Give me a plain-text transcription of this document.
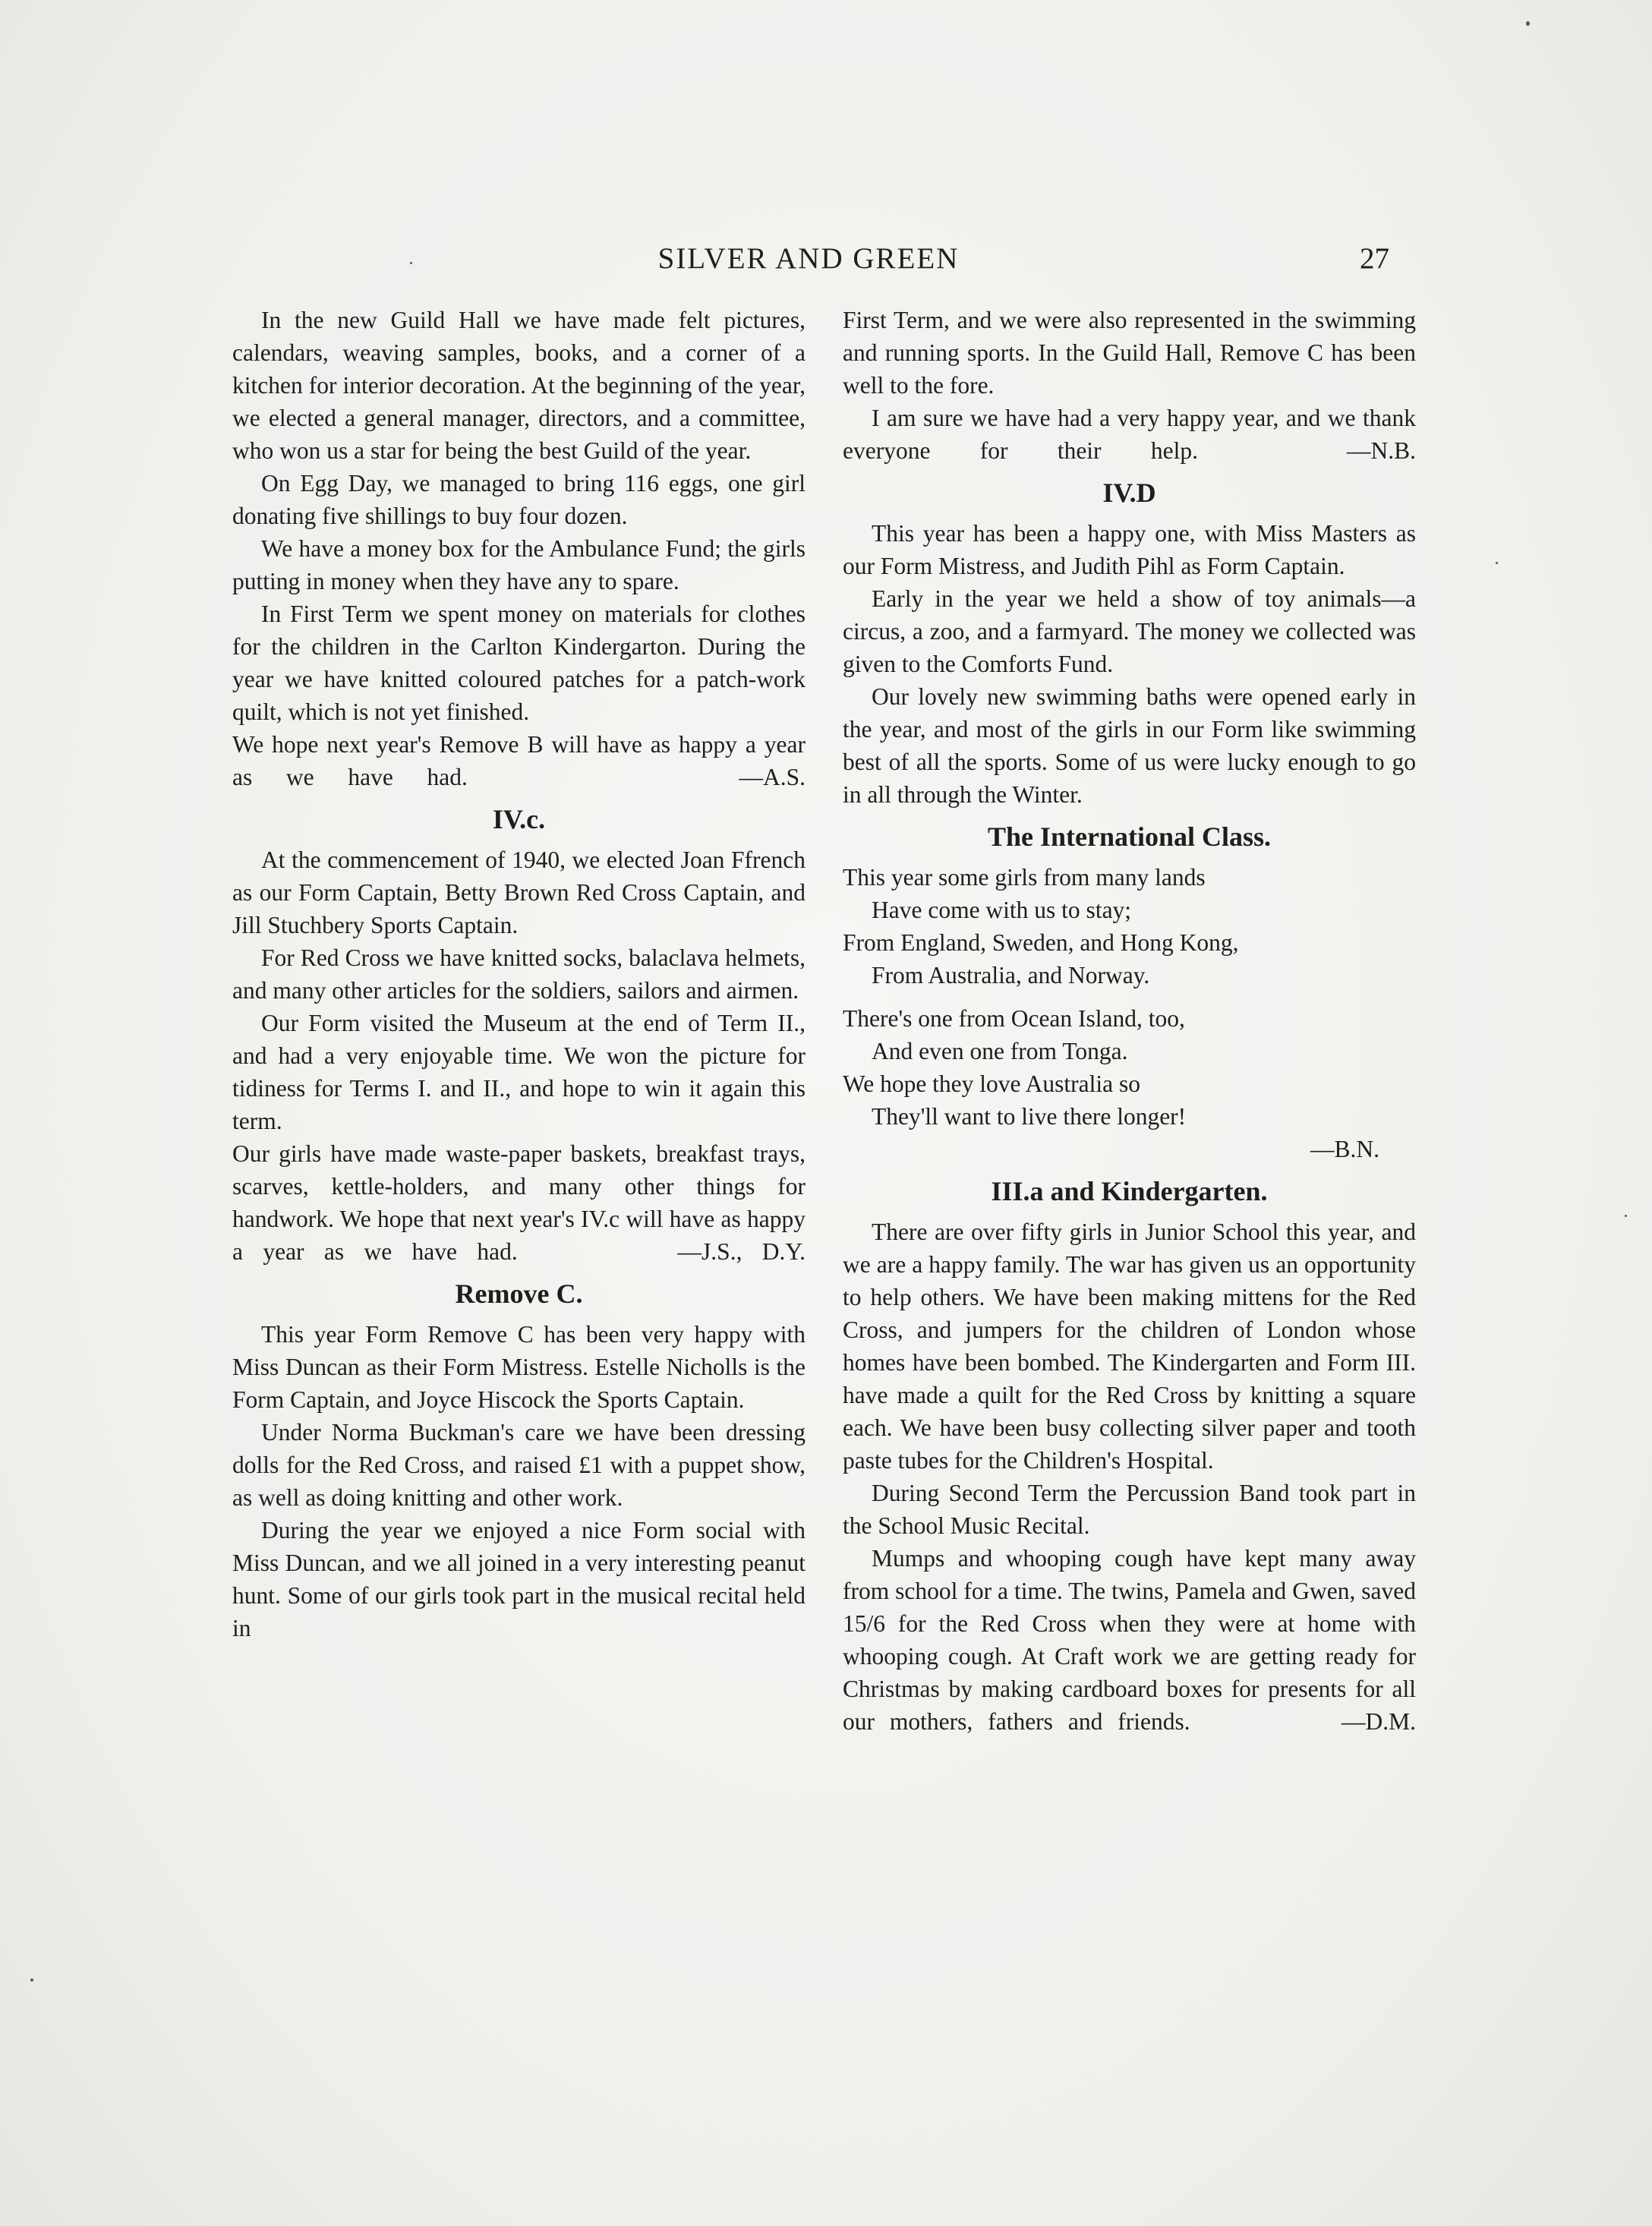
SILVER AND GREEN	27

In the new Guild Hall we have made felt pictures, calendars, weaving samples, books, and a corner of a kitchen for interior decoration. At the beginning of the year, we elected a general manager, directors, and a committee, who won us a star for being the best Guild of the year.

On Egg Day, we managed to bring 116 eggs, one girl donating five shillings to buy four dozen.

We have a money box for the Ambulance Fund; the girls putting in money when they have any to spare.

In First Term we spent money on materials for clothes for the children in the Carlton Kindergarton. During the year we have knitted coloured patches for a patch-work quilt, which is not yet finished.

We hope next year's Remove B will have as happy a year as we have had.	—A.S.

IV.c.

At the commencement of 1940, we elected Joan Ffrench as our Form Captain, Betty Brown Red Cross Captain, and Jill Stuchbery Sports Captain.

For Red Cross we have knitted socks, balaclava helmets, and many other articles for the soldiers, sailors and airmen.

Our Form visited the Museum at the end of Term II., and had a very enjoyable time. We won the picture for tidiness for Terms I. and II., and hope to win it again this term.

Our girls have made waste-paper baskets, breakfast trays, scarves, kettle-holders, and many other things for handwork. We hope that next year's IV.c will have as happy a year as we have had.	—J.S., D.Y.

Remove C.

This year Form Remove C has been very happy with Miss Duncan as their Form Mistress. Estelle Nicholls is the Form Captain, and Joyce Hiscock the Sports Captain.

Under Norma Buckman's care we have been dressing dolls for the Red Cross, and raised £1 with a puppet show, as well as doing knitting and other work.

During the year we enjoyed a nice Form social with Miss Duncan, and we all joined in a very interesting peanut hunt. Some of our girls took part in the musical recital held in

First Term, and we were also represented in the swimming and running sports. In the Guild Hall, Remove C has been well to the fore.

I am sure we have had a very happy year, and we thank everyone for their help.	—N.B.

IV.D

This year has been a happy one, with Miss Masters as our Form Mistress, and Judith Pihl as Form Captain.

Early in the year we held a show of toy animals—a circus, a zoo, and a farmyard. The money we collected was given to the Comforts Fund.

Our lovely new swimming baths were opened early in the year, and most of the girls in our Form like swimming best of all the sports. Some of us were lucky enough to go in all through the Winter.

The International Class.
This year some girls from many lands
Have come with us to stay;
From England, Sweden, and Hong Kong,
From Australia, and Norway.
There's one from Ocean Island, too,
And even one from Tonga.
We hope they love Australia so
They'll want to live there longer!
—B.N.
III.a and Kindergarten.

There are over fifty girls in Junior School this year, and we are a happy family. The war has given us an opportunity to help others. We have been making mittens for the Red Cross, and jumpers for the children of London whose homes have been bombed. The Kindergarten and Form III. have made a quilt for the Red Cross by knitting a square each. We have been busy collecting silver paper and tooth paste tubes for the Children's Hospital.

During Second Term the Percussion Band took part in the School Music Recital.

Mumps and whooping cough have kept many away from school for a time. The twins, Pamela and Gwen, saved 15/6 for the Red Cross when they were at home with whooping cough. At Craft work we are getting ready for Christmas by making cardboard boxes for presents for all our mothers, fathers and friends.	—D.M.
